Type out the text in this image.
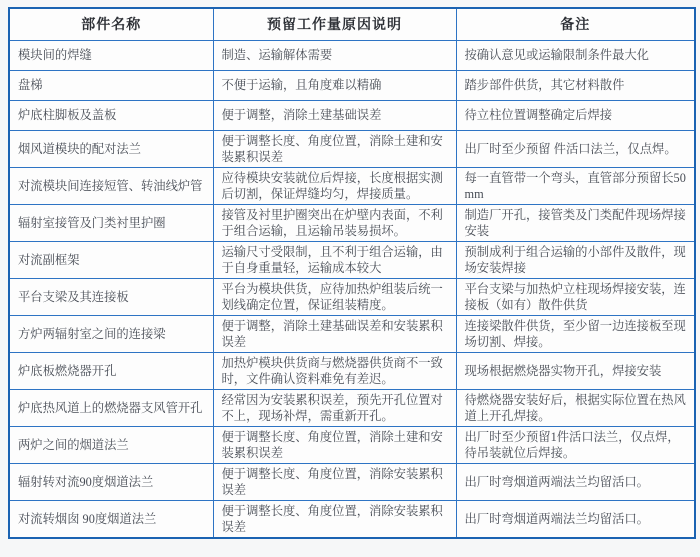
部件名称	预留工作量原因说明	备注
模块间的焊缝	制造、运输解体需要	按确认意见或运输限制条件最大化
盘梯	不便于运输，且角度难以精确	踏步部件供货，其它材料散件
炉底柱脚板及盖板	便于调整，消除土建基础误差	待立柱位置调整确定后焊接
烟风道模块的配对法兰	便于调整长度、角度位置，消除土建和安装累积误差	出厂时至少预留 件活口法兰，仅点焊。
对流模块间连接短管、转油线炉管	应待模块安装就位后焊接，长度根据实测后切割，保证焊缝均匀，焊接质量。	每一直管带一个弯头，直管部分预留长50mm
辐射室接管及门类衬里护圈	接管及衬里护圈突出在炉壁内表面，不利于组合运输，且运输吊装易损坏。	制造厂开孔，接管类及门类配件现场焊接安装
对流副框架	运输尺寸受限制，且不利于组合运输，由于自身重量轻，运输成本较大	预制成利于组合运输的小部件及散件，现场安装焊接
平台支梁及其连接板	平台为模块供货，应待加热炉组装后统一划线确定位置，保证组装精度。	平台支梁与加热炉立柱现场焊接安装，连接板（如有）散件供货
方炉两辐射室之间的连接梁	便于调整，消除土建基础误差和安装累积误差	连接梁散件供货，至少留一边连接板至现场切割、焊接。
炉底板燃烧器开孔	加热炉模块供货商与燃烧器供货商不一致时，文件确认资料难免有差迟。	现场根据燃烧器实物开孔，焊接安装
炉底热风道上的燃烧器支风管开孔	经常因为安装累积误差，预先开孔位置对不上，现场补焊，需重新开孔。	待燃烧器安装好后，根据实际位置在热风道上开孔焊接。
两炉之间的烟道法兰	便于调整长度、角度位置，消除土建和安装累积误差	出厂时至少预留1件活口法兰，仅点焊，待吊装就位后焊接。
辐射转对流90度烟道法兰	便于调整长度、角度位置，消除安装累积误差	出厂时弯烟道两端法兰均留活口。
对流转烟囱 90度烟道法兰	便于调整长度、角度位置，消除安装累积误差	出厂时弯烟道两端法兰均留活口。
